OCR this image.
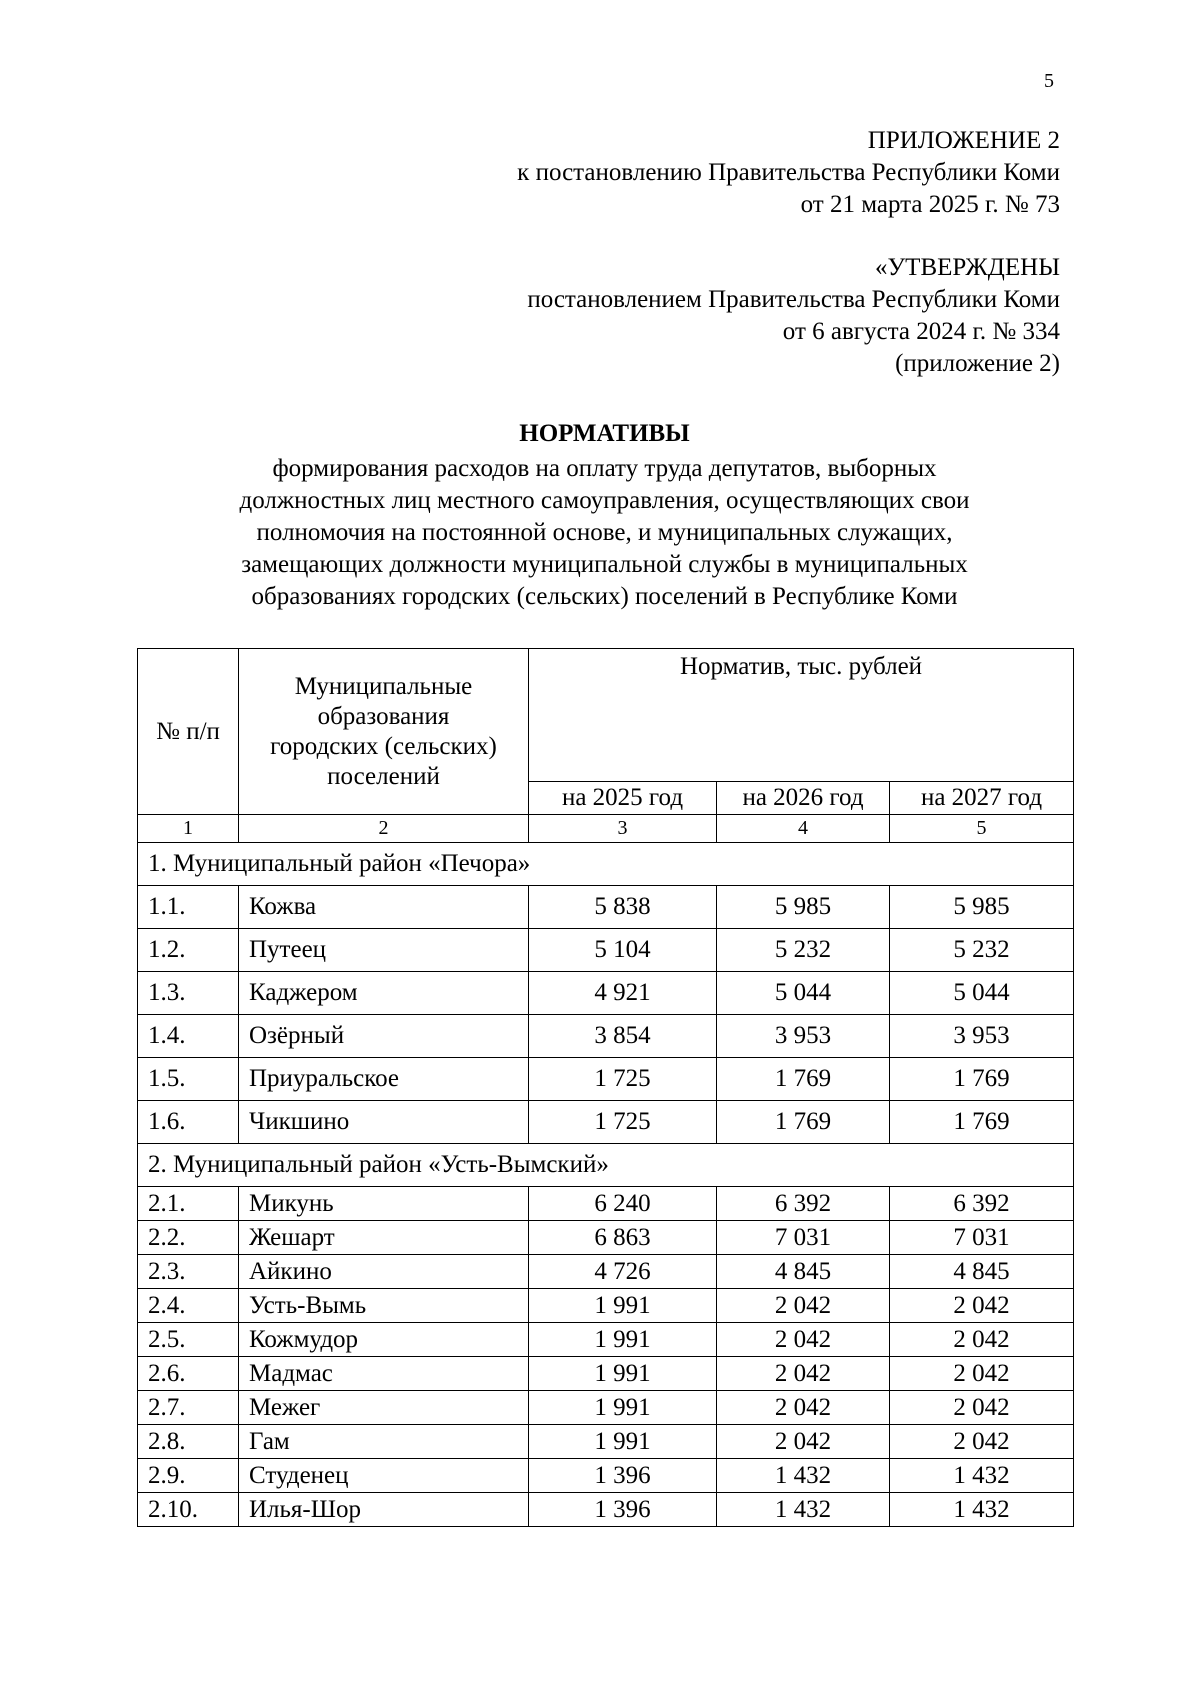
5
ПРИЛОЖЕНИЕ 2
к постановлению Правительства Республики Коми
от 21 марта 2025 г. № 73
«УТВЕРЖДЕНЫ
постановлением Правительства Республики Коми
от 6 августа 2024 г. № 334
(приложение 2)
НОРМАТИВЫ
формирования расходов на оплату труда депутатов, выборных
должностных лиц местного самоуправления, осуществляющих свои
полномочия на постоянной основе, и муниципальных служащих,
замещающих должности муниципальной службы в муниципальных
образованиях городских (сельских) поселений в Республике Коми
№ п/п	Муниципальные
образования
городских (сельских)
поселений	Норматив, тыс. рублей		
		на 2025 год	на 2026 год	на 2027 год
1	2	3	4	5
1. Муниципальный район «Печора»				
1.1.	Кожва	5 838	5 985	5 985
1.2.	Путеец	5 104	5 232	5 232
1.3.	Каджером	4 921	5 044	5 044
1.4.	Озёрный	3 854	3 953	3 953
1.5.	Приуральское	1 725	1 769	1 769
1.6.	Чикшино	1 725	1 769	1 769
2. Муниципальный район «Усть-Вымский»				
2.1.	Микунь	6 240	6 392	6 392
2.2.	Жешарт	6 863	7 031	7 031
2.3.	Айкино	4 726	4 845	4 845
2.4.	Усть-Вымь	1 991	2 042	2 042
2.5.	Кожмудор	1 991	2 042	2 042
2.6.	Мадмас	1 991	2 042	2 042
2.7.	Межег	1 991	2 042	2 042
2.8.	Гам	1 991	2 042	2 042
2.9.	Студенец	1 396	1 432	1 432
2.10.	Илья-Шор	1 396	1 432	1 432
